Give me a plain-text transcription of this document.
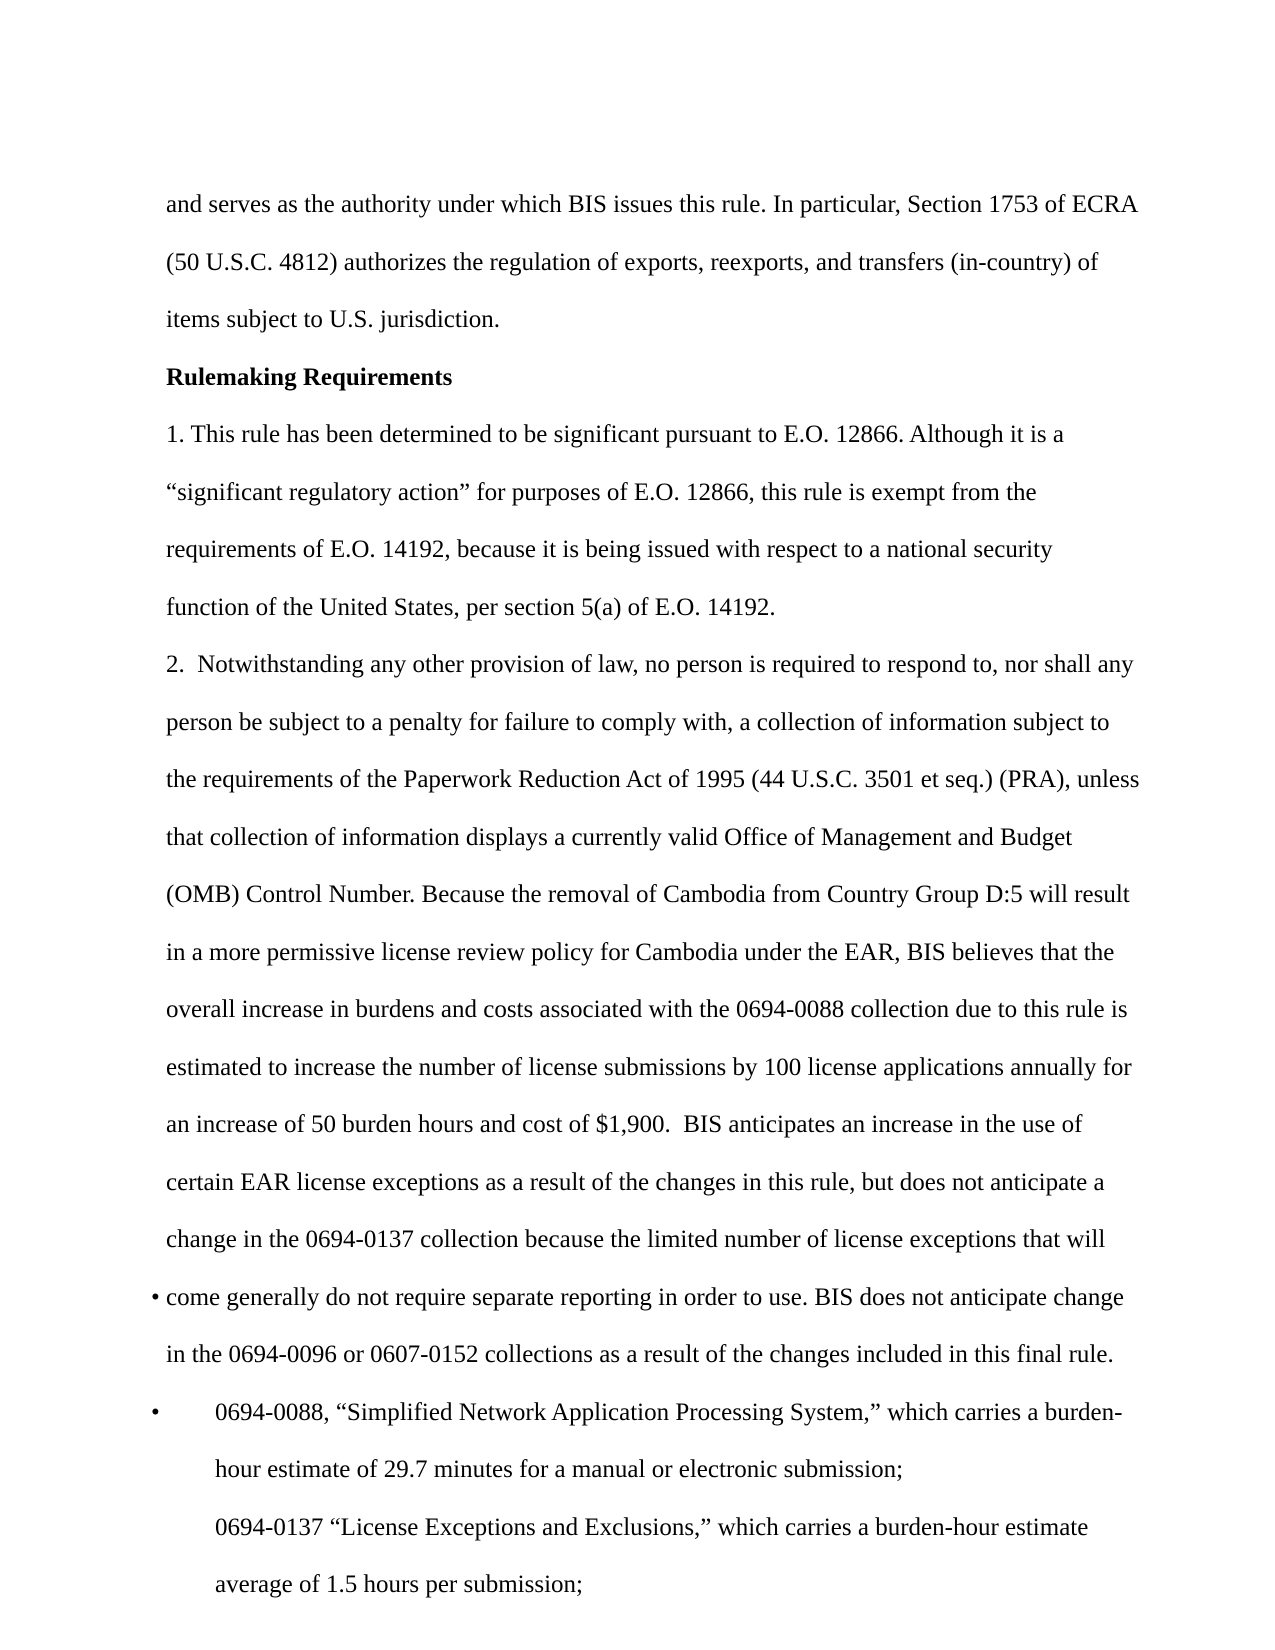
and serves as the authority under which BIS issues this rule. In particular, Section 1753 of ECRA

(50 U.S.C. 4812) authorizes the regulation of exports, reexports, and transfers (in-country) of

items subject to U.S. jurisdiction.

Rulemaking Requirements

1. This rule has been determined to be significant pursuant to E.O. 12866. Although it is a

“significant regulatory action” for purposes of E.O. 12866, this rule is exempt from the

requirements of E.O. 14192, because it is being issued with respect to a national security

function of the United States, per section 5(a) of E.O. 14192.

2.  Notwithstanding any other provision of law, no person is required to respond to, nor shall any

person be subject to a penalty for failure to comply with, a collection of information subject to

the requirements of the Paperwork Reduction Act of 1995 (44 U.S.C. 3501 et seq.) (PRA), unless

that collection of information displays a currently valid Office of Management and Budget

(OMB) Control Number. Because the removal of Cambodia from Country Group D:5 will result

in a more permissive license review policy for Cambodia under the EAR, BIS believes that the

overall increase in burdens and costs associated with the 0694-0088 collection due to this rule is

estimated to increase the number of license submissions by 100 license applications annually for

an increase of 50 burden hours and cost of $1,900.  BIS anticipates an increase in the use of

certain EAR license exceptions as a result of the changes in this rule, but does not anticipate a

change in the 0694-0137 collection because the limited number of license exceptions that will

come generally do not require separate reporting in order to use. BIS does not anticipate change

in the 0694-0096 or 0607-0152 collections as a result of the changes included in this final rule.

•

0694-0088, “Simplified Network Application Processing System,” which carries a burden-

hour estimate of 29.7 minutes for a manual or electronic submission;

•

0694-0137 “License Exceptions and Exclusions,” which carries a burden-hour estimate

average of 1.5 hours per submission;
